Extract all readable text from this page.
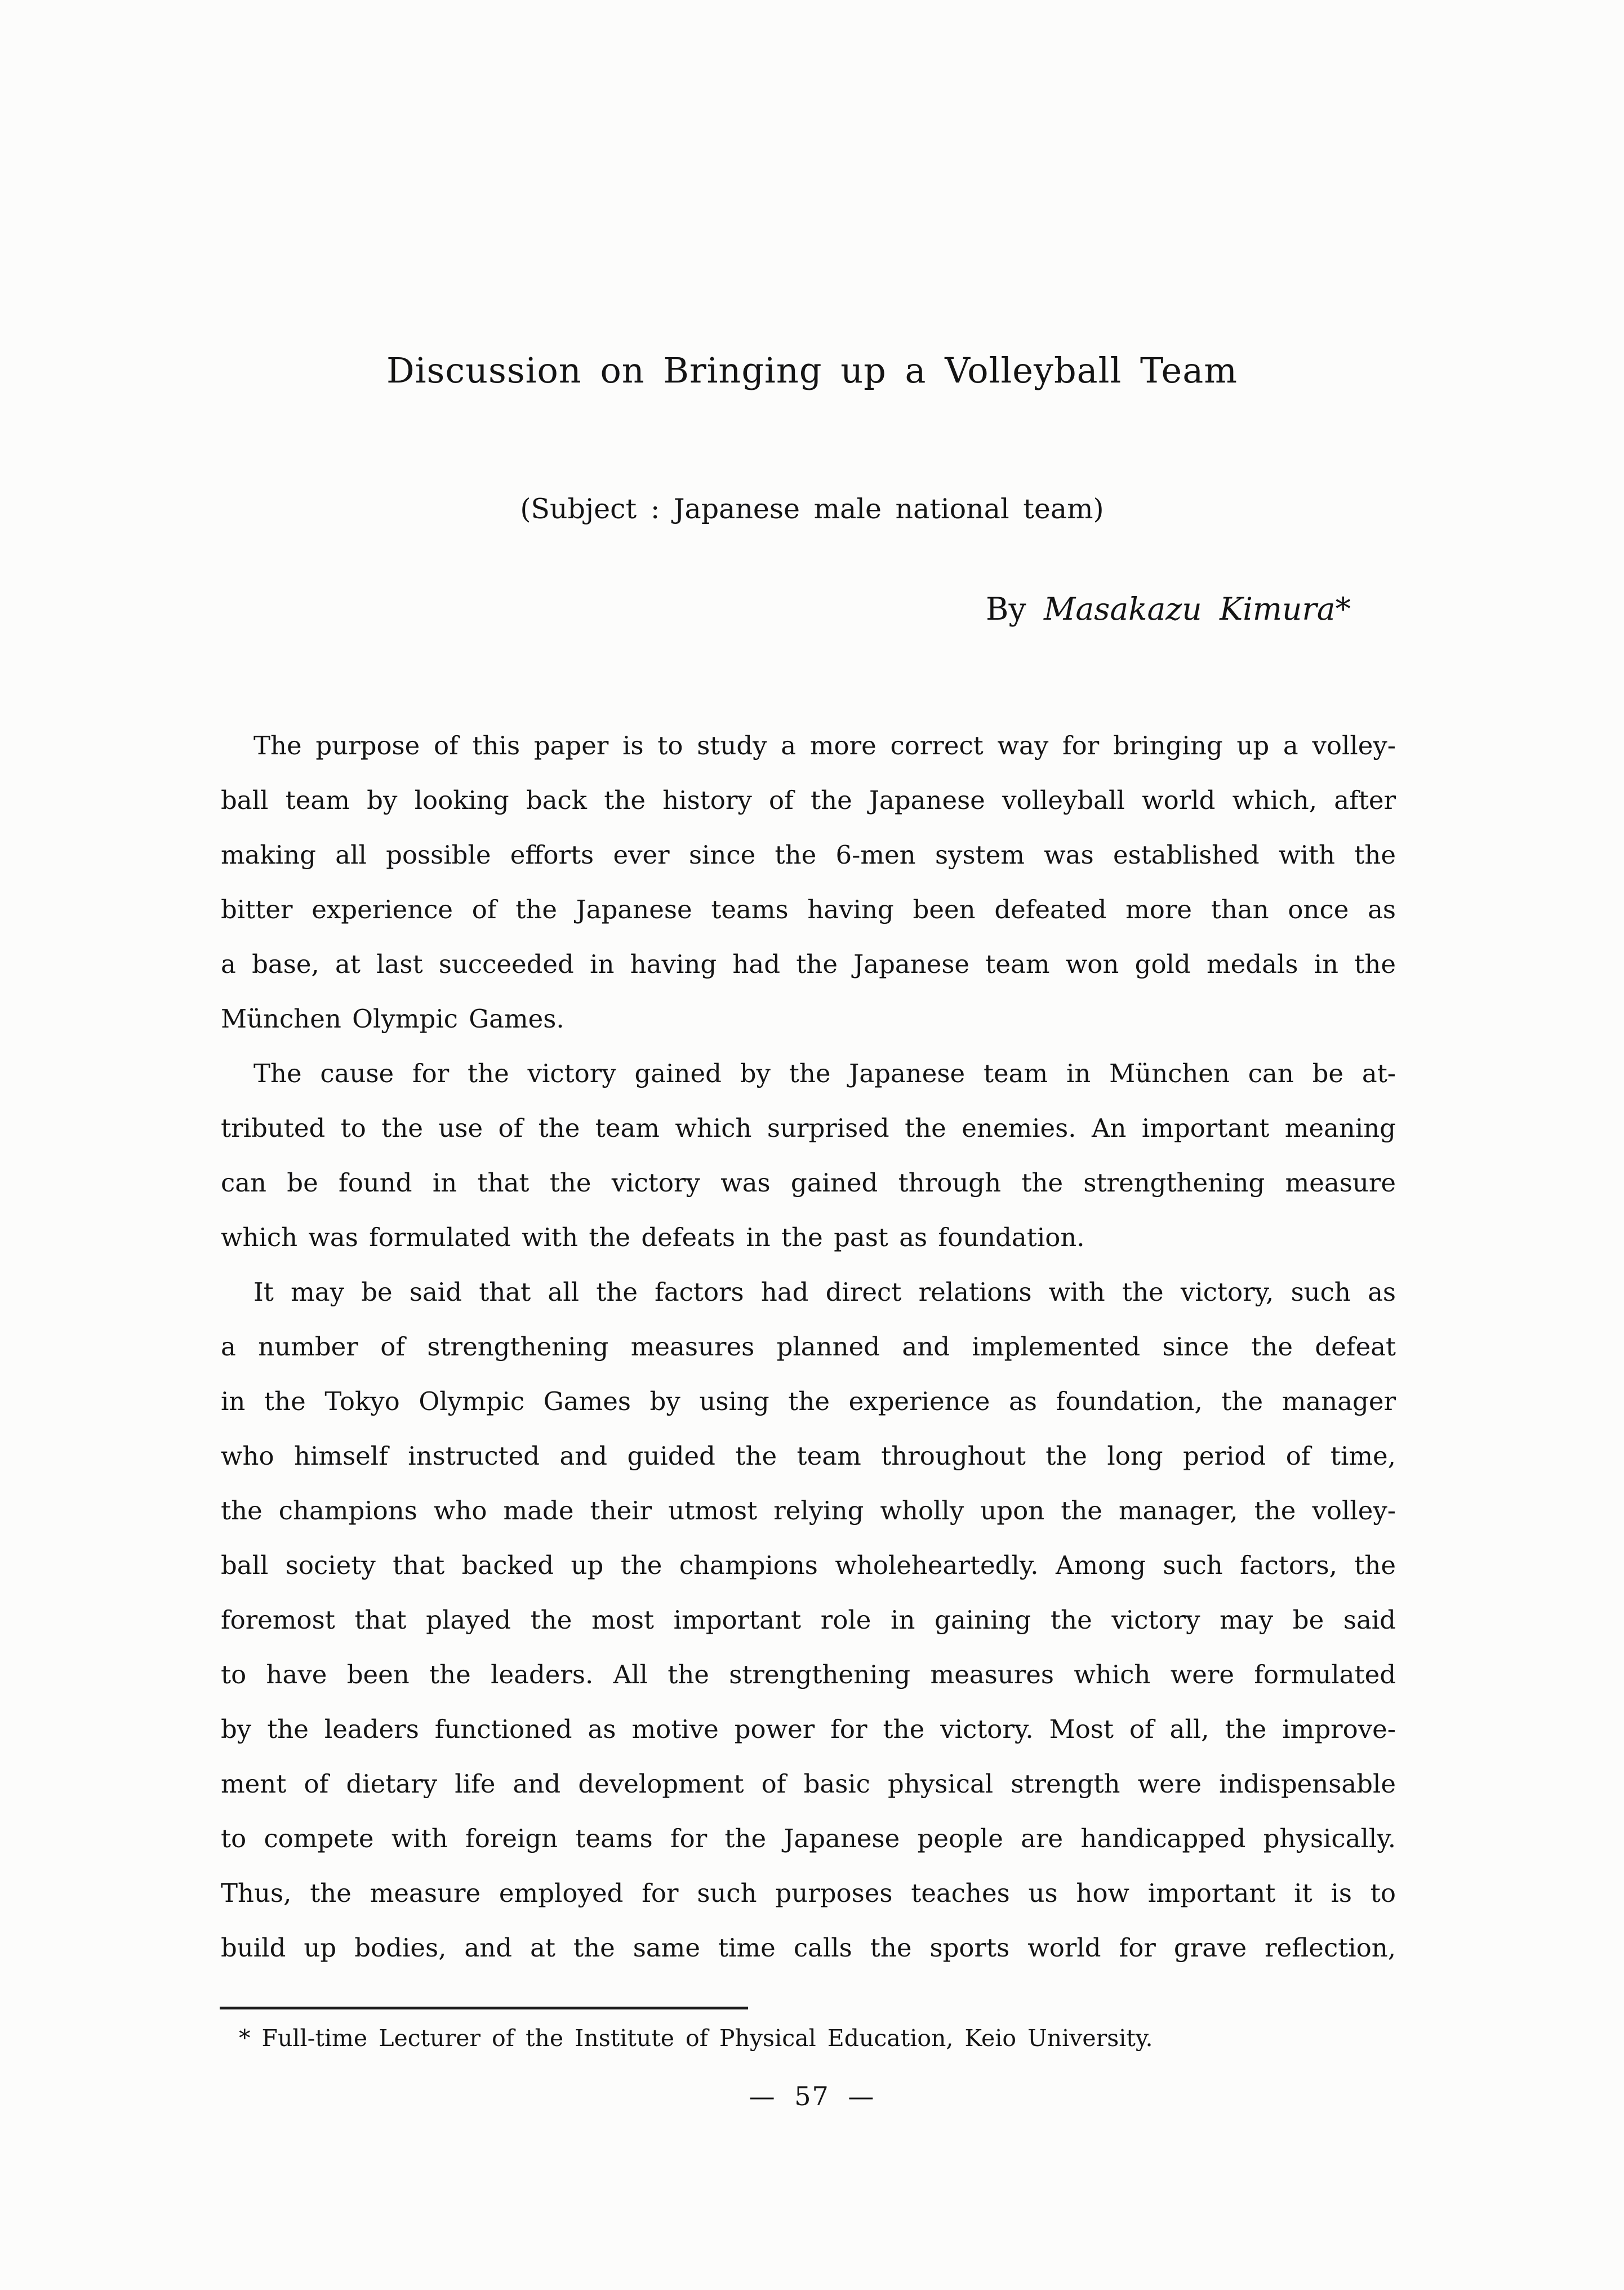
Discussion on Bringing up a Volleyball Team
(Subject : Japanese male national team)
By Masakazu Kimura*
The purpose of this paper is to study a more correct way for bringing up a volley-
ball team by looking back the history of the Japanese volleyball world which, after
making all possible efforts ever since the 6-men system was established with the
bitter experience of the Japanese teams having been defeated more than once as
a base, at last succeeded in having had the Japanese team won gold medals in the
München Olympic Games.
The cause for the victory gained by the Japanese team in München can be at-
tributed to the use of the team which surprised the enemies. An important meaning
can be found in that the victory was gained through the strengthening measure
which was formulated with the defeats in the past as foundation.
It may be said that all the factors had direct relations with the victory, such as
a number of strengthening measures planned and implemented since the defeat
in the Tokyo Olympic Games by using the experience as foundation, the manager
who himself instructed and guided the team throughout the long period of time,
the champions who made their utmost relying wholly upon the manager, the volley-
ball society that backed up the champions wholeheartedly. Among such factors, the
foremost that played the most important role in gaining the victory may be said
to have been the leaders. All the strengthening measures which were formulated
by the leaders functioned as motive power for the victory. Most of all, the improve-
ment of dietary life and development of basic physical strength were indispensable
to compete with foreign teams for the Japanese people are handicapped physically.
Thus, the measure employed for such purposes teaches us how important it is to
build up bodies, and at the same time calls the sports world for grave reflection,
* Full-time Lecturer of the Institute of Physical Education, Keio University.
— 57 —
